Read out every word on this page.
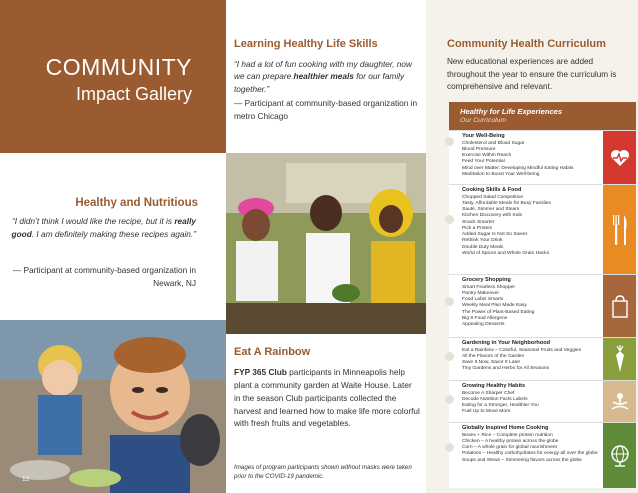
COMMUNITY
Impact Gallery
Healthy and Nutritious

“I didn’t think I would like the recipe, but it is really good. I am definitely making these recipes again.”

— Participant at community-based organization in Newark, NJ

Learning Healthy Life Skills

“I had a lot of fun cooking with my daughter, now we can prepare healthier meals for our family together.”

— Participant at community-based organization in metro Chicago

Eat A Rainbow

FYP 365 Club participants in Minneapolis help plant a community garden at Waite House. Later in the season Club participants collected the harvest and learned how to make life more colorful with fresh fruits and vegetables.

Images of program participants shown without masks were taken prior to the COVID-19 pandemic.

12
Community Health Curriculum

New educational experiences are added throughout the year to ensure the curriculum is comprehensive and relevant.

Healthy for Life Experiences
Our Curriculum
Your Well-Being
Cholesterol and Blood Sugar
Blood Pressure
Exercise Within Reach
Feed Your Potential
Mind over Matter: Developing Mindful Eating Habits
Meditation to Boost Your Well-being
Cooking Skills & Food
Chopped Salad Competition
Tasty, Affordable Meals for Busy Families
Sauté, Simmer and Steam
Kitchen Discovery with Kids
Snack Smarter
Pick a Protein
Added Sugar Is Not So Sweet
Rethink Your Drink
Double Duty Meals
World of Spices and Whole Grain Hacks
Grocery Shopping
Smart Fearless Shopper
Pantry Makeover
Food Label Smarts
Weekly Meal Plan Made Easy
The Power of Plant-Based Eating
Big 8 Food Allergens
Appealing Desserts
Gardening in Your Neighborhood
Eat a Rainbow – Colorful, Seasonal Fruits and Veggies
All the Flavors of the Garden
Save It Now, Savor It Later
Tiny Gardens and Herbs for All Seasons
Growing Healthy Habits
Become A Sharper Chef
Decode Nutrition Facts Labels
Eating for a Stronger, Healthier You
Fuel Up to Move More
Globally Inspired Home Cooking
Beans + Rice – Complete protein nutrition
Chicken – A healthy protein across the globe
Corn – A whole grain for global nourishment
Potatoes – Healthy carbohydrates for energy all over the globe
Soups and Stews – Simmering flavors across the globe
